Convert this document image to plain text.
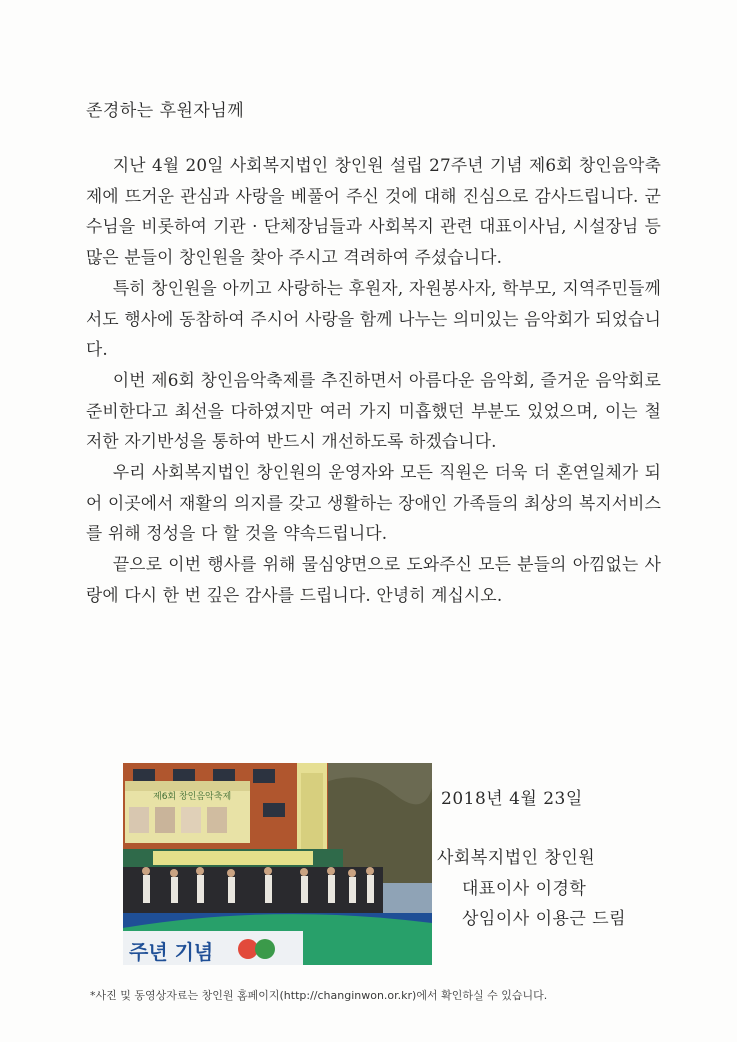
존경하는 후원자님께

지난 4월 20일 사회복지법인 창인원 설립 27주년 기념 제6회 창인음악축제에 뜨거운 관심과 사랑을 베풀어 주신 것에 대해 진심으로 감사드립니다. 군수님을 비롯하여 기관 · 단체장님들과 사회복지 관련 대표이사님, 시설장님 등 많은 분들이 창인원을 찾아 주시고 격려하여 주셨습니다.

특히 창인원을 아끼고 사랑하는 후원자, 자원봉사자, 학부모, 지역주민들께서도 행사에 동참하여 주시어 사랑을 함께 나누는 의미있는 음악회가 되었습니다.

이번 제6회 창인음악축제를 추진하면서 아름다운 음악회, 즐거운 음악회로 준비한다고 최선을 다하였지만 여러 가지 미흡했던 부분도 있었으며, 이는 철저한 자기반성을 통하여 반드시 개선하도록 하겠습니다.

우리 사회복지법인 창인원의 운영자와 모든 직원은 더욱 더 혼연일체가 되어 이곳에서 재활의 의지를 갖고 생활하는 장애인 가족들의 최상의 복지서비스를 위해 정성을 다 할 것을 약속드립니다.

끝으로 이번 행사를 위해 물심양면으로 도와주신 모든 분들의 아낌없는 사랑에 다시 한 번 깊은 감사를 드립니다. 안녕히 계십시오.

제6회 창인음악축제
주년 기념
2018년 4월 23일
사회복지법인 창인원
대표이사 이경학
상임이사 이용근 드림
*사진 및 동영상자료는 창인원 홈페이지(http://changinwon.or.kr)에서 확인하실 수 있습니다.
